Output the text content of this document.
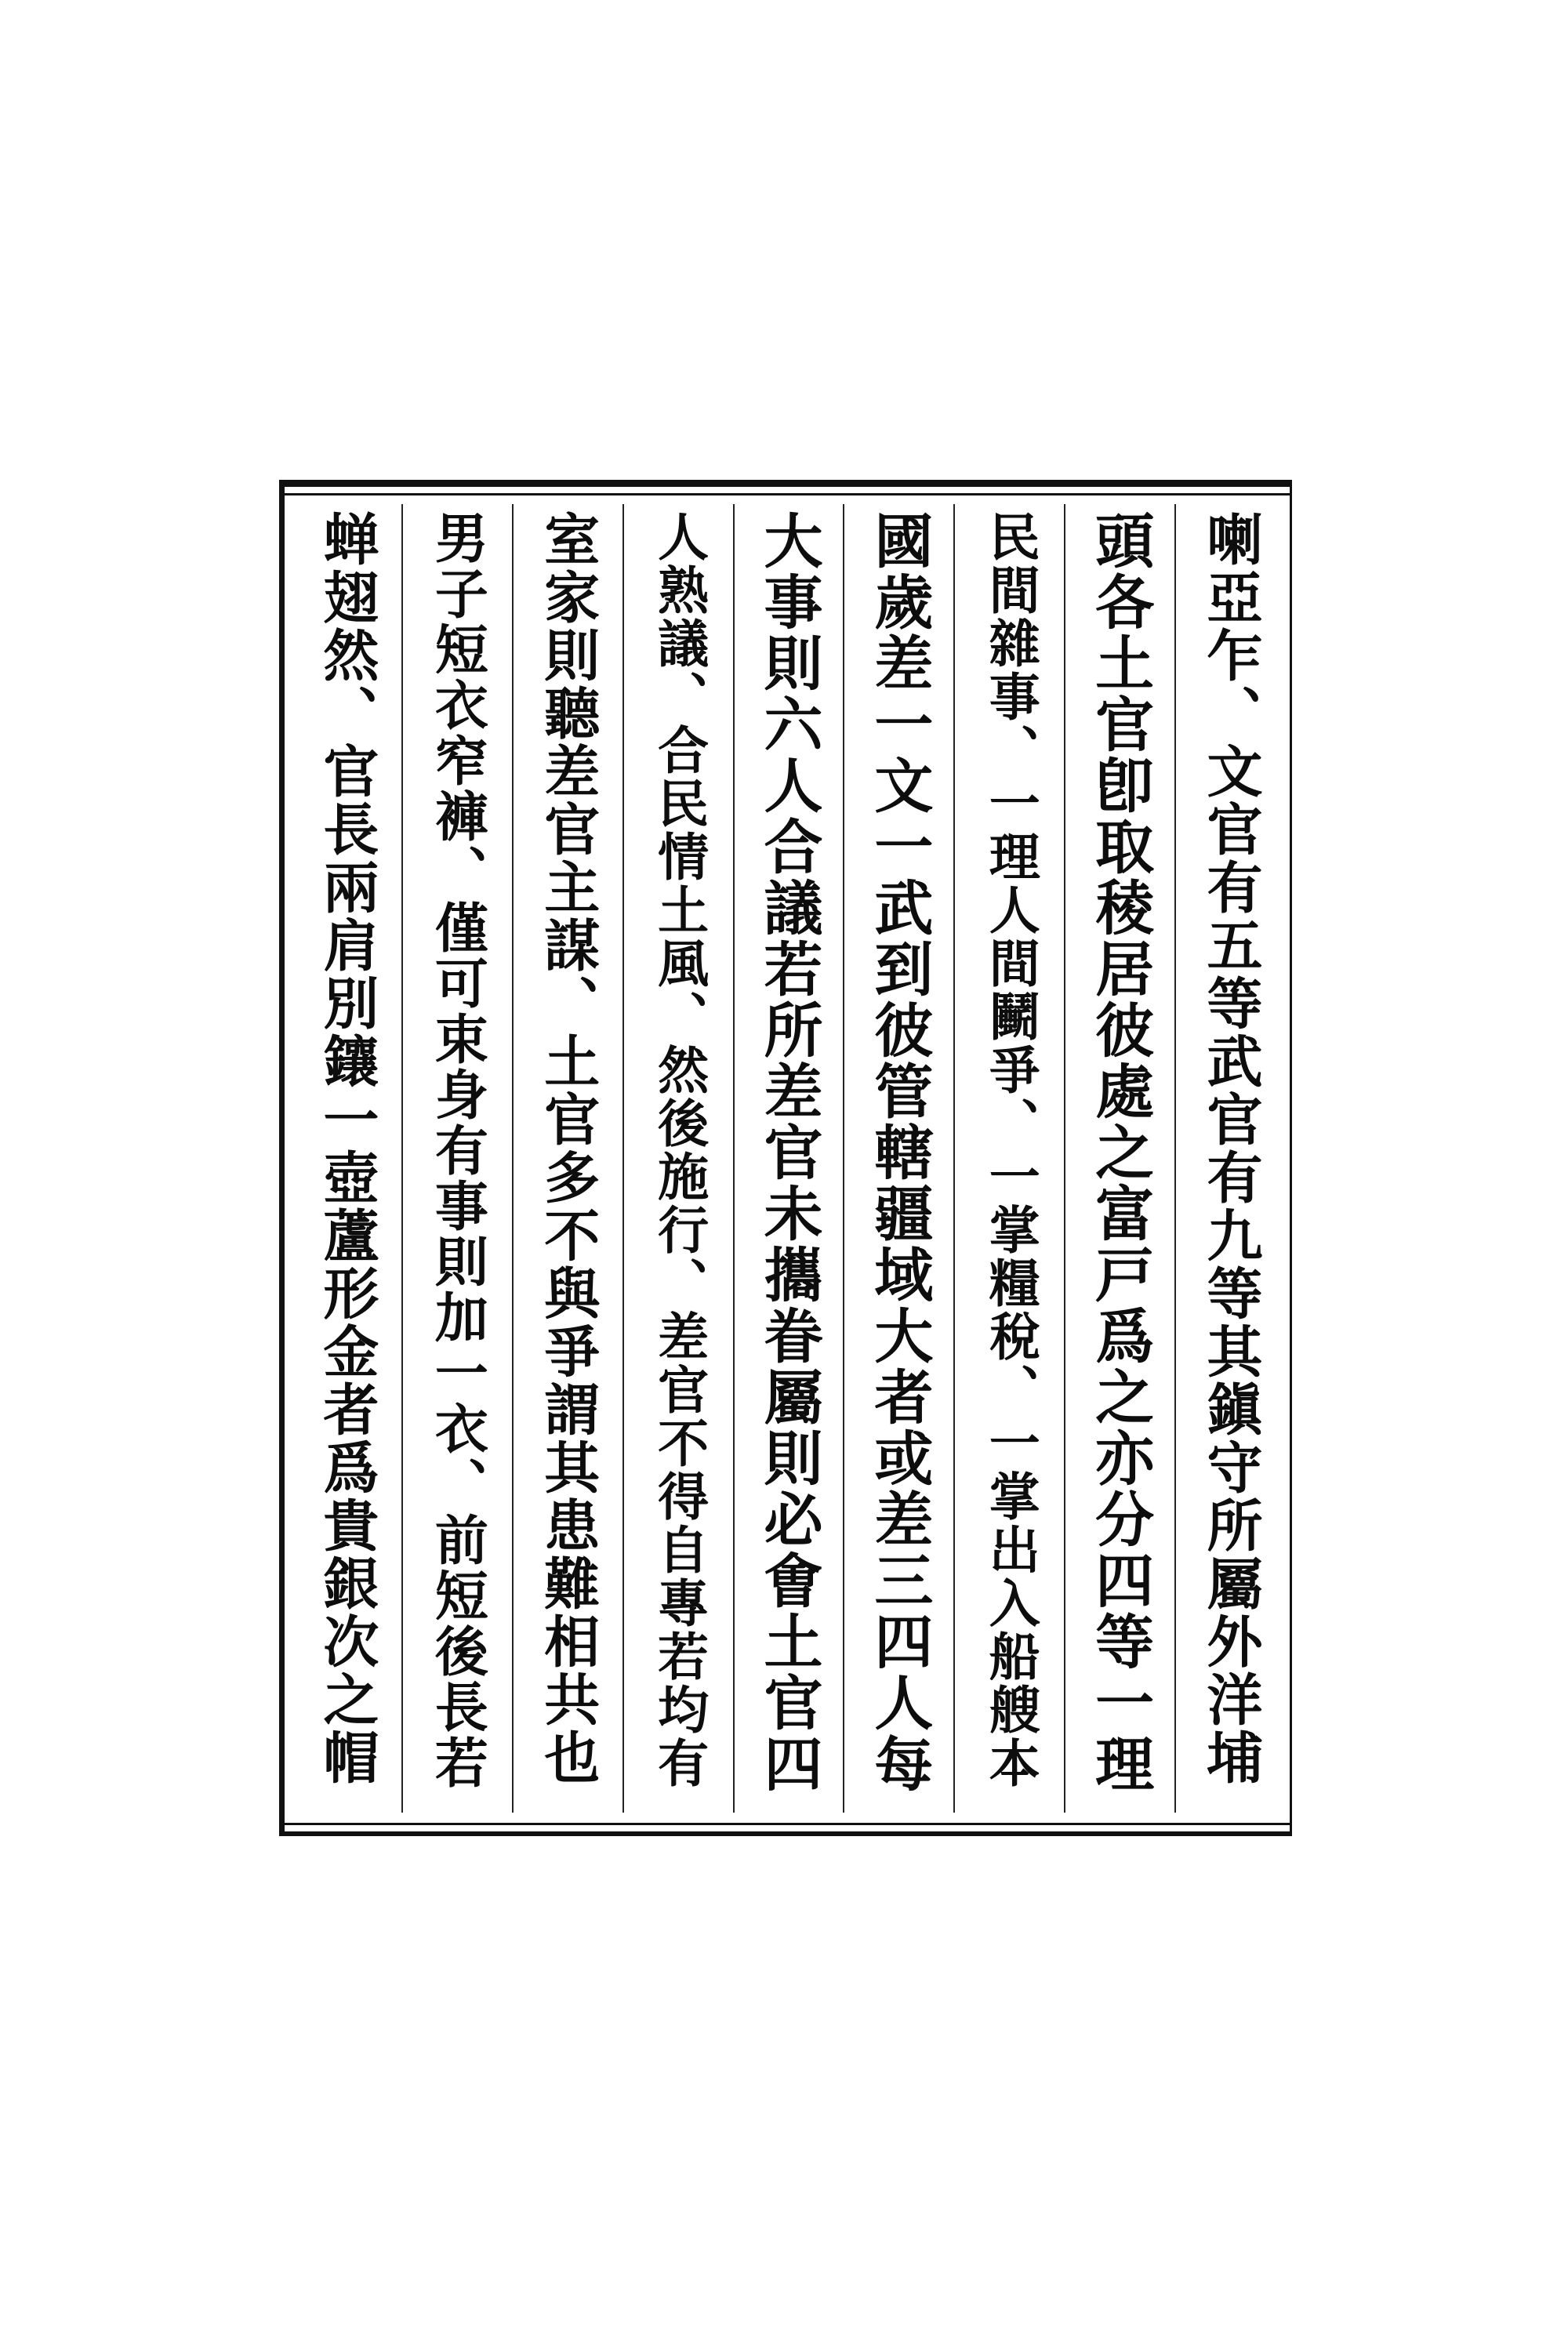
喇亞乍、文官有五等武官有九等其鎭守所屬外洋埔
頭各土官卽取稜居彼處之富戸爲之亦分四等一理
民間雜事、一理人間鬭爭、一掌糧稅、一掌出入船艘本
國歲差一文一武到彼管轄疆域大者或差三四人每
大事則六人合議若所差官未攜眷屬則必㑹土官四
人熟議、合民情土風、然後施行、差官不得自專若均有
室家則聽差官主謀、土官多不與爭謂其患難相共也
男子短衣窄褲、僅可束身有事則加一衣、前短後長若
蝉翅然、官長兩肩別鑲一壺蘆形金者爲貴銀次之帽
